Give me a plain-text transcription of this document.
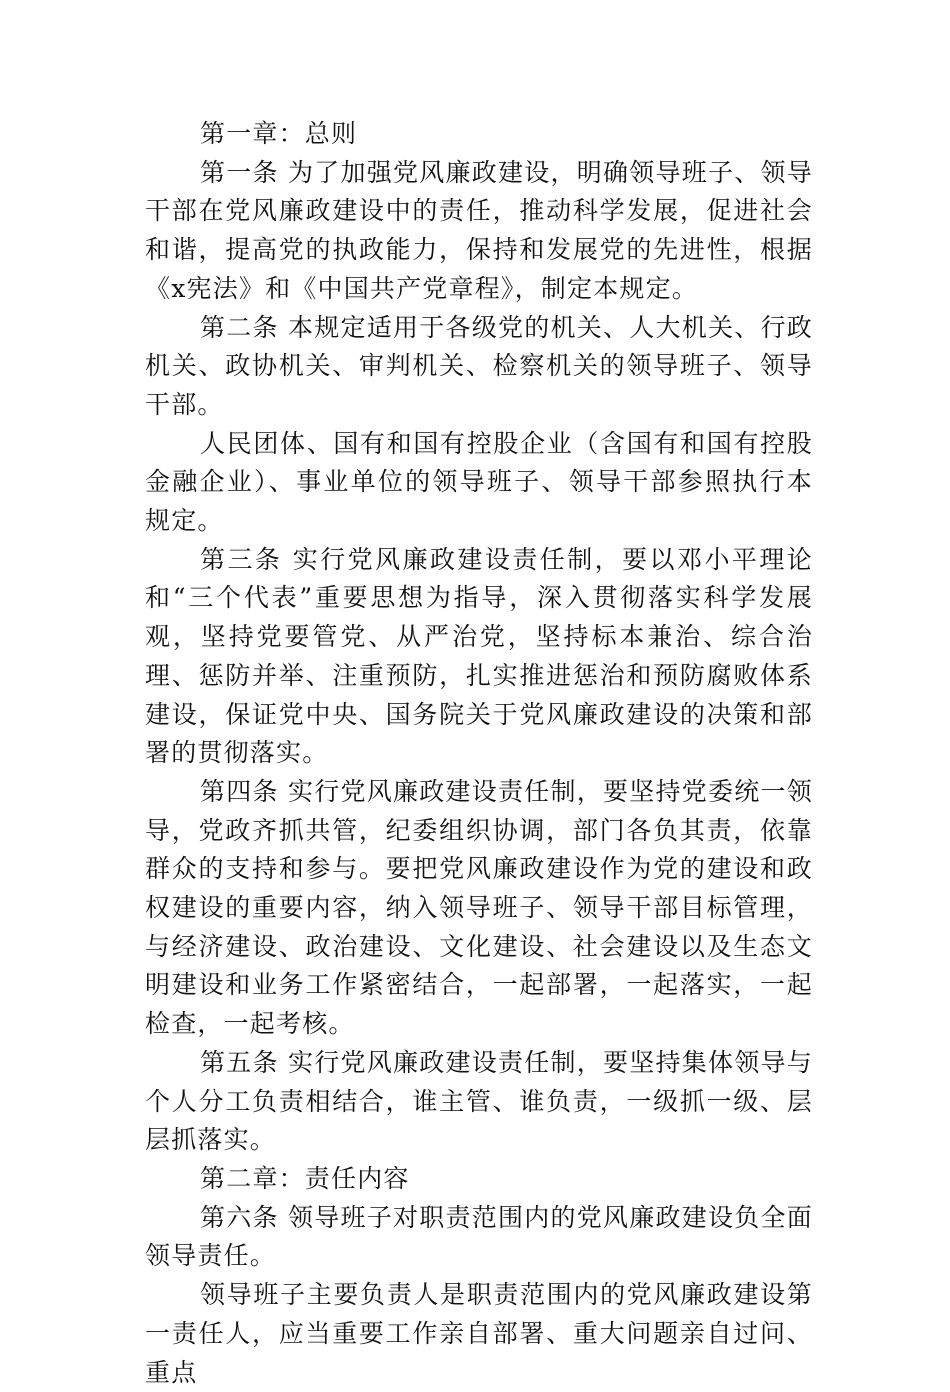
第一章：总则

第一条 为了加强党风廉政建设，明确领导班子、领导干部在党风廉政建设中的责任，推动科学发展，促进社会和谐，提高党的执政能力，保持和发展党的先进性，根据《x宪法》和《中国共产党章程》，制定本规定。

第二条 本规定适用于各级党的机关、人大机关、行政机关、政协机关、审判机关、检察机关的领导班子、领导干部。

人民团体、国有和国有控股企业（含国有和国有控股金融企业）、事业单位的领导班子、领导干部参照执行本规定。

第三条 实行党风廉政建设责任制，要以邓小平理论和“三个代表”重要思想为指导，深入贯彻落实科学发展观，坚持党要管党、从严治党，坚持标本兼治、综合治理、惩防并举、注重预防，扎实推进惩治和预防腐败体系建设，保证党中央、国务院关于党风廉政建设的决策和部署的贯彻落实。

第四条 实行党风廉政建设责任制，要坚持党委统一领导，党政齐抓共管，纪委组织协调，部门各负其责，依靠群众的支持和参与。要把党风廉政建设作为党的建设和政权建设的重要内容，纳入领导班子、领导干部目标管理，与经济建设、政治建设、文化建设、社会建设以及生态文明建设和业务工作紧密结合，一起部署，一起落实，一起检查，一起考核。

第五条 实行党风廉政建设责任制，要坚持集体领导与个人分工负责相结合，谁主管、谁负责，一级抓一级、层层抓落实。

第二章：责任内容

第六条 领导班子对职责范围内的党风廉政建设负全面领导责任。

领导班子主要负责人是职责范围内的党风廉政建设第一责任人，应当重要工作亲自部署、重大问题亲自过问、重点
